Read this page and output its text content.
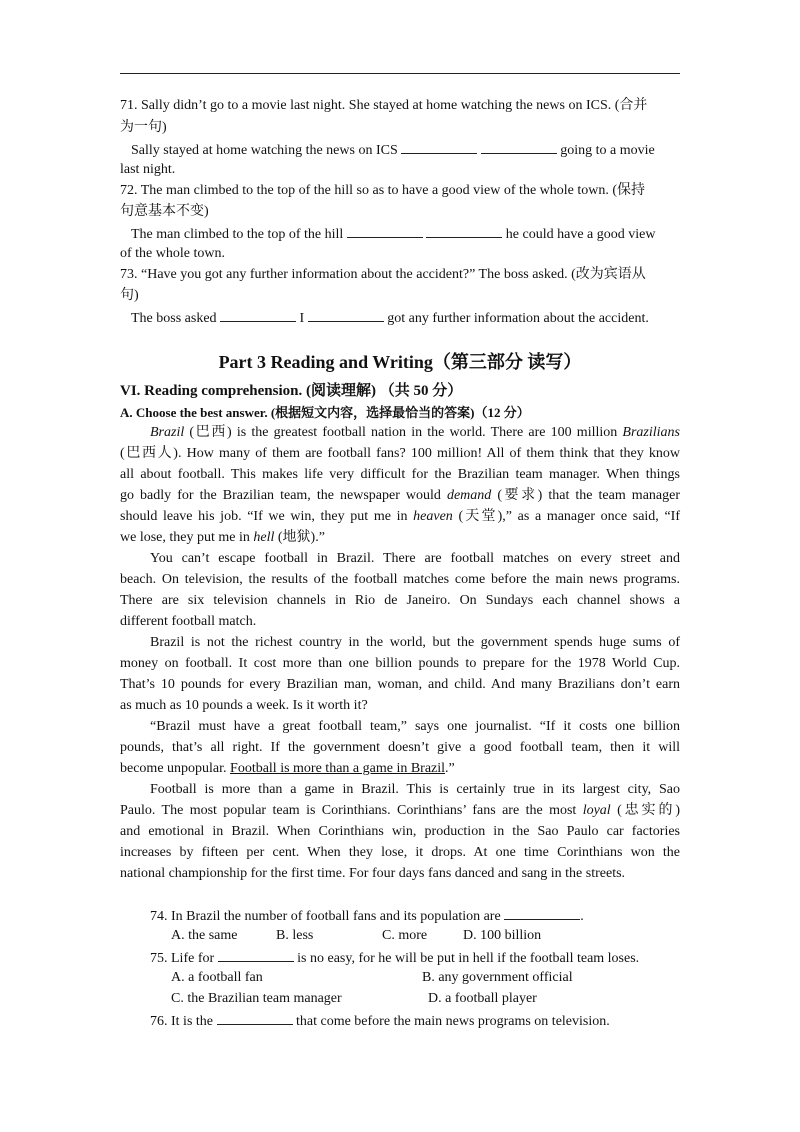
71. Sally didn’t go to a movie last night. She stayed at home watching the news on ICS. (合并
为一句)
Sally stayed at home watching the news on ICS	going to a movie
last night.
72. The man climbed to the top of the hill so as to have a good view of the whole town. (保持
句意基本不变)
The man climbed to the top of the hill	he could have a good view
of the whole town.
73. “Have you got any further information about the accident?” The boss asked. (改为宾语从
句)
The boss asked	I	got any further information about the accident.
Part 3 Reading and Writing（第三部分 读写）
VI. Reading comprehension. (阅读理解) （共 50 分）
A. Choose the best answer. (根据短文内容，选择最恰当的答案)（12 分）
Brazil (巴西) is the greatest football nation in the world. There are 100 million Brazilians
(巴西人). How many of them are football fans? 100 million! All of them think that they know
all about football. This makes life very difficult for the Brazilian team manager. When things
go badly for the Brazilian team, the newspaper would demand (要求) that the team manager
should leave his job. “If we win, they put me in heaven (天堂),” as a manager once said, “If
we lose, they put me in hell (地狱).”
You can’t escape football in Brazil. There are football matches on every street and
beach. On television, the results of the football matches come before the main news programs.
There are six television channels in Rio de Janeiro. On Sundays each channel shows a
different football match.
Brazil is not the richest country in the world, but the government spends huge sums of
money on football. It cost more than one billion pounds to prepare for the 1978 World Cup.
That’s 10 pounds for every Brazilian man, woman, and child. And many Brazilians don’t earn
as much as 10 pounds a week. Is it worth it?
“Brazil must have a great football team,” says one journalist. “If it costs one billion
pounds, that’s all right. If the government doesn’t give a good football team, then it will
become unpopular. Football is more than a game in Brazil.”
Football is more than a game in Brazil. This is certainly true in its largest city, Sao
Paulo. The most popular team is Corinthians. Corinthians’ fans are the most loyal (忠实的)
and emotional in Brazil. When Corinthians win, production in the Sao Paulo car factories
increases by fifteen per cent. When they lose, it drops. At one time Corinthians won the
national championship for the first time. For four days fans danced and sang in the streets.
74. In Brazil the number of football fans and its population are	.
A. the same	B. less	C. more	D. 100 billion
75. Life for	is no easy, for he will be put in hell if the football team loses.
A. a football fan	B. any government official
C. the Brazilian team manager	D. a football player
76. It is the	that come before the main news programs on television.
